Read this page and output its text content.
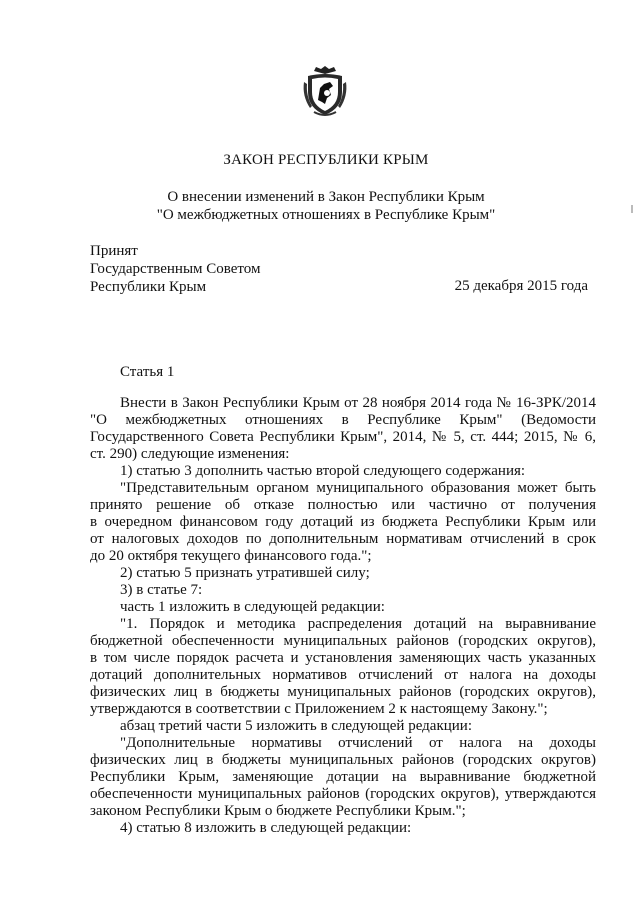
ЗАКОН РЕСПУБЛИКИ КРЫМ
О внесении изменений в Закон Республики Крым
"О межбюджетных отношениях в Республике Крым"
Принят
Государственным Советом
Республики Крым	25 декабря 2015 года
Статья 1
Внести в Закон Республики Крым от 28 ноября 2014 года № 16-ЗРК/2014
"О межбюджетных отношениях в Республике Крым" (Ведомости
Государственного Совета Республики Крым", 2014, № 5, ст. 444; 2015, № 6,
ст. 290) следующие изменения:
1) статью 3 дополнить частью второй следующего содержания:
"Представительным органом муниципального образования может быть
принято решение об отказе полностью или частично от получения
в очередном финансовом году дотаций из бюджета Республики Крым или
от налоговых доходов по дополнительным нормативам отчислений в срок
до 20 октября текущего финансового года.";
2) статью 5 признать утратившей силу;
3) в статье 7:
часть 1 изложить в следующей редакции:
"1. Порядок и методика распределения дотаций на выравнивание
бюджетной обеспеченности муниципальных районов (городских округов),
в том числе порядок расчета и установления заменяющих часть указанных
дотаций дополнительных нормативов отчислений от налога на доходы
физических лиц в бюджеты муниципальных районов (городских округов),
утверждаются в соответствии с Приложением 2 к настоящему Закону.";
абзац третий части 5 изложить в следующей редакции:
"Дополнительные нормативы отчислений от налога на доходы
физических лиц в бюджеты муниципальных районов (городских округов)
Республики Крым, заменяющие дотации на выравнивание бюджетной
обеспеченности муниципальных районов (городских округов), утверждаются
законом Республики Крым о бюджете Республики Крым.";
4) статью 8 изложить в следующей редакции:
